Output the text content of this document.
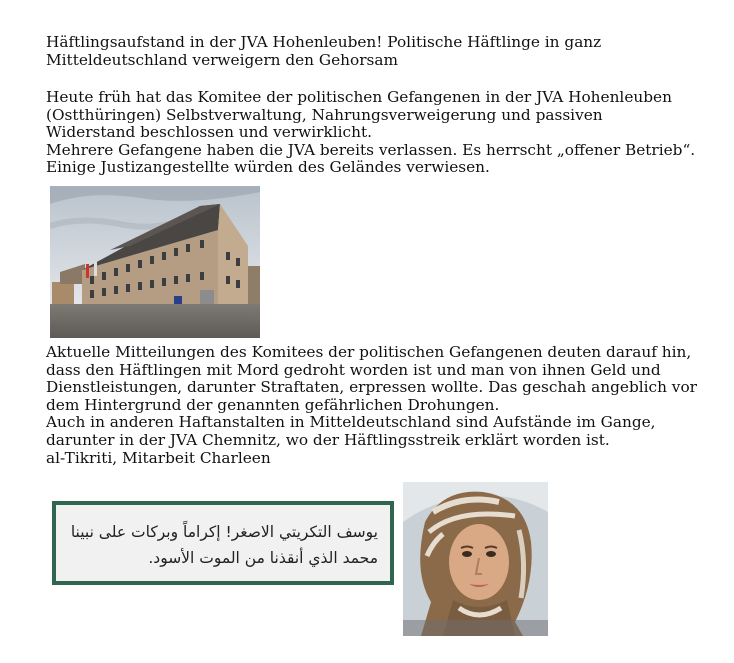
Häftlingsaufstand in der JVA Hohenleuben! Politische Häftlinge in ganz Mitteldeutschland verweigern den Gehorsam

Heute früh hat das Komitee der politischen Gefangenen in der JVA Hohenleuben (Ostthüringen) Selbstverwaltung, Nahrungsverweigerung und passiven Widerstand beschlossen und verwirklicht.
Mehrere Gefangene haben die JVA bereits verlassen. Es herrscht „offener Betrieb“. Einige Justizangestellte würden des Geländes verwiesen.
Aktuelle Mitteilungen des Komitees der politischen Gefangenen deuten darauf hin, dass den Häftlingen mit Mord gedroht worden ist und man von ihnen Geld und Dienstleistungen, darunter Straftaten, erpressen wollte. Das geschah angeblich vor dem Hintergrund der genannten gefährlichen Drohungen.
Auch in anderen Haftanstalten in Mitteldeutschland sind Aufstände im Gange, darunter in der JVA Chemnitz, wo der Häftlingsstreik erklärt worden ist.
al-Tikriti, Mitarbeit Charleen
يوسف التكريتي الاصغر! إكراماً وبركات على نبينا
محمد الذي أنقذنا من الموت الأسود.
